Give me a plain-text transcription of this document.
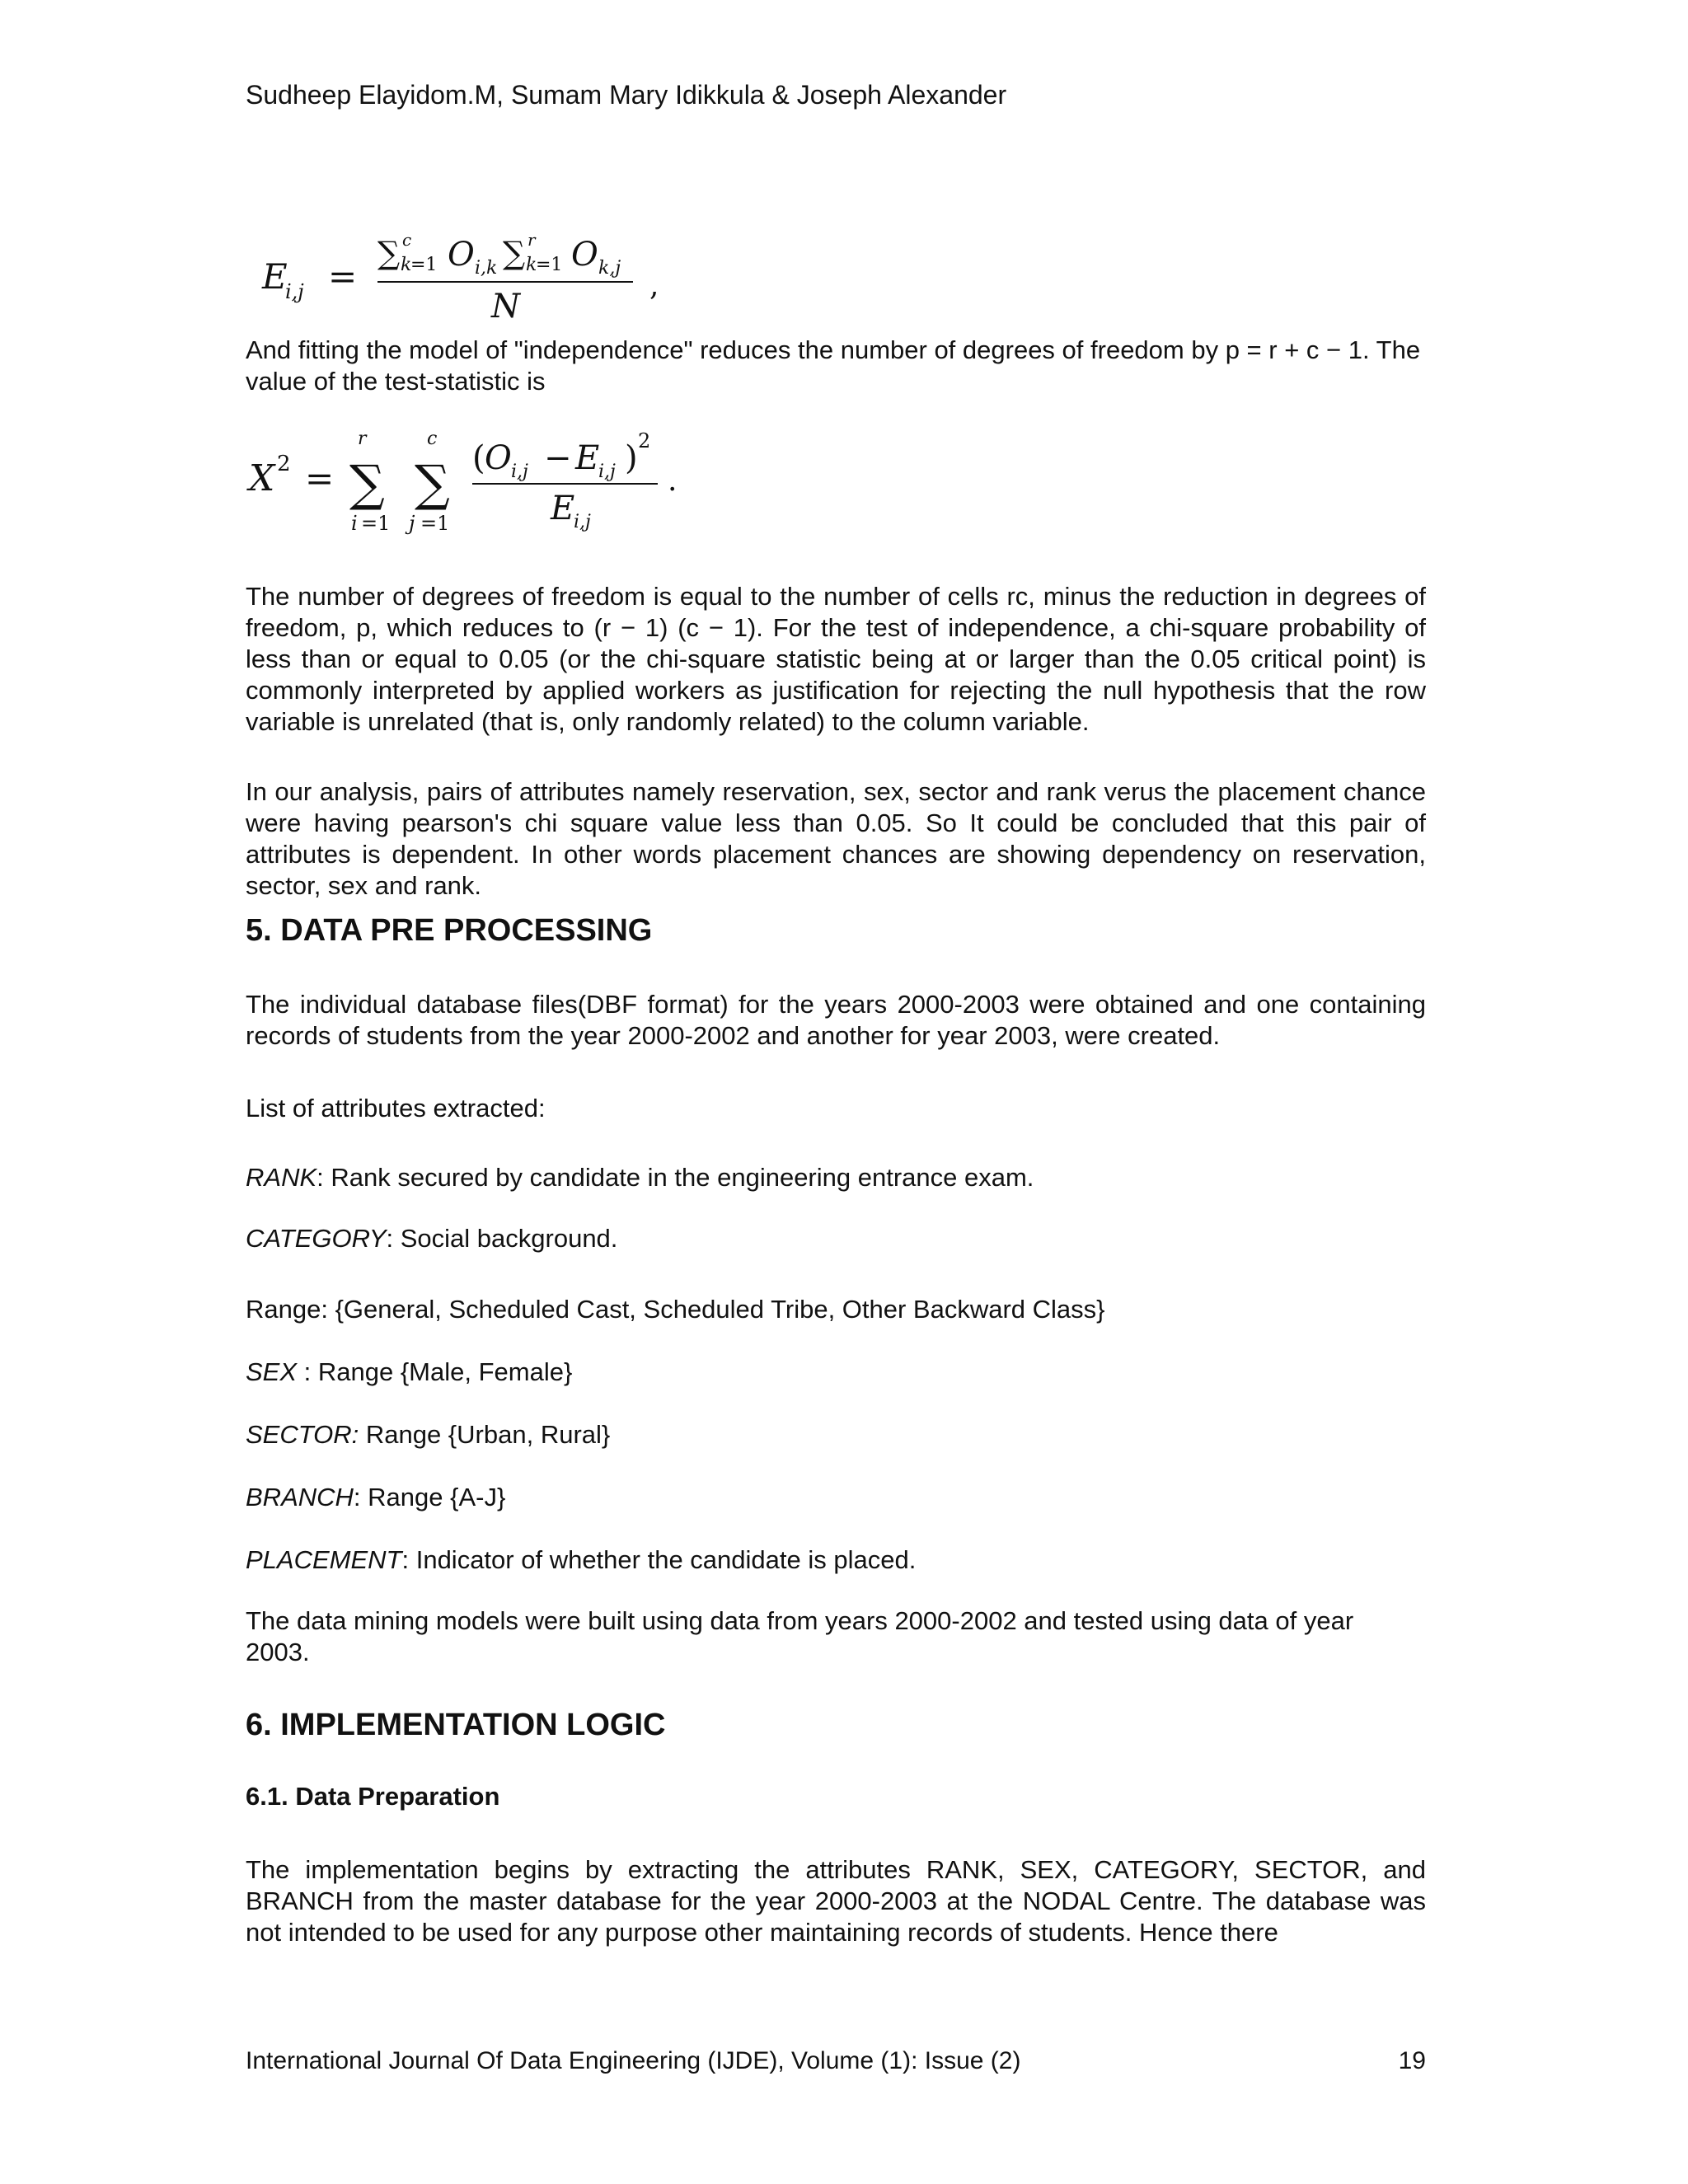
Sudheep Elayidom.M, Sumam Mary Idikkula & Joseph Alexander
E
i,j =
∑ c
k
=1 O i,k ∑ r
k
=1 O k,j
N
,
And fitting the model of "independence" reduces the number of degrees of freedom by p = r + c − 1. The value of the test-statistic is
X 2 =
r
∑
i =1
c
∑
j =1
( O i,j − E
i,j ) 2
E
i,j
.
The number of degrees of freedom is equal to the number of cells rc, minus the reduction in degrees of freedom, p, which reduces to (r − 1) (c − 1). For the test of independence, a chi-square probability of less than or equal to 0.05 (or the chi-square statistic being at or larger than the 0.05 critical point) is commonly interpreted by applied workers as justification for rejecting the null hypothesis that the row variable is unrelated (that is, only randomly related) to the column variable.
In our analysis, pairs of attributes namely reservation, sex, sector and rank verus the placement chance were having pearson's chi square value less than 0.05. So It could be concluded that this pair of attributes is dependent. In other words placement chances are showing dependency on reservation, sector, sex and rank.
5. DATA PRE PROCESSING
The individual database files(DBF format) for the years 2000-2003 were obtained and one containing records of students from the year 2000-2002 and another for year 2003, were created.
List of attributes extracted:
RANK: Rank secured by candidate in the engineering entrance exam.
CATEGORY: Social background.
Range: {General, Scheduled Cast, Scheduled Tribe, Other Backward Class}
SEX : Range {Male, Female}
SECTOR: Range {Urban, Rural}
BRANCH: Range {A-J}
PLACEMENT: Indicator of whether the candidate is placed.
The data mining models were built using data from years 2000-2002 and tested using data of year 2003.
6. IMPLEMENTATION LOGIC
6.1. Data Preparation
The implementation begins by extracting the attributes RANK, SEX, CATEGORY, SECTOR, and BRANCH from the master database for the year 2000-2003 at the NODAL Centre. The database was not intended to be used for any purpose other maintaining records of students. Hence there
International Journal Of Data Engineering (IJDE), Volume (1): Issue (2)	19
